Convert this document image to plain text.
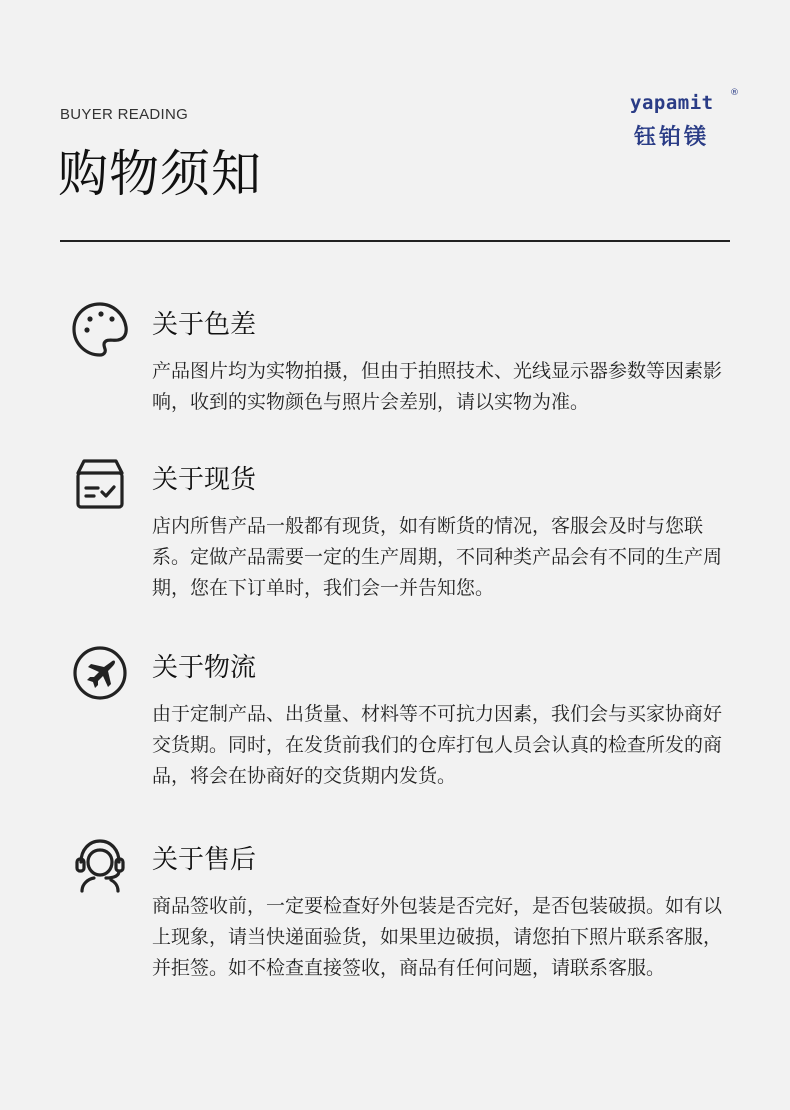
BUYER READING
购物须知
yapamit ®
钰铂镁
关于色差
产品图片均为实物拍摄，但由于拍照技术、光线显示器参数等因素影响，收到的实物颜色与照片会差别，请以实物为准。
关于现货
店内所售产品一般都有现货，如有断货的情况，客服会及时与您联系。定做产品需要一定的生产周期，不同种类产品会有不同的生产周期，您在下订单时，我们会一并告知您。
关于物流
由于定制产品、出货量、材料等不可抗力因素，我们会与买家协商好交货期。同时，在发货前我们的仓库打包人员会认真的检查所发的商品，将会在协商好的交货期内发货。
关于售后
商品签收前，一定要检查好外包装是否完好，是否包装破损。如有以上现象，请当快递面验货，如果里边破损，请您拍下照片联系客服，并拒签。如不检查直接签收，商品有任何问题，请联系客服。
